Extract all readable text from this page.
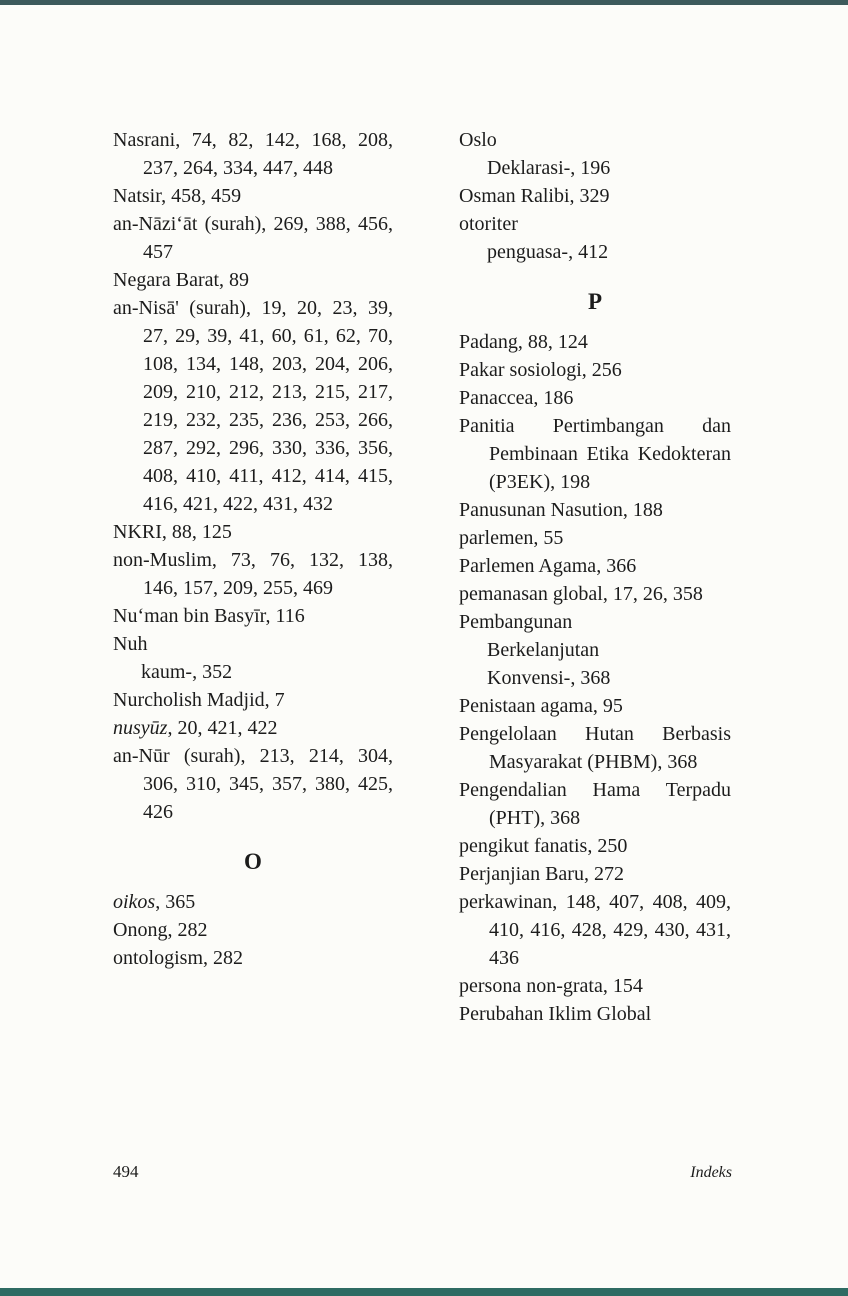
Nasrani, 74, 82, 142, 168, 208, 237, 264, 334, 447, 448
Natsir, 458, 459
an-Nāzi‘āt (surah), 269, 388, 456, 457
Negara Barat, 89
an-Nisā' (surah), 19, 20, 23, 39, 27, 29, 39, 41, 60, 61, 62, 70, 108, 134, 148, 203, 204, 206, 209, 210, 212, 213, 215, 217, 219, 232, 235, 236, 253, 266, 287, 292, 296, 330, 336, 356, 408, 410, 411, 412, 414, 415, 416, 421, 422, 431, 432
NKRI, 88, 125
non-Muslim, 73, 76, 132, 138, 146, 157, 209, 255, 469
Nu‘man bin Basyīr, 116
Nuh
kaum-, 352
Nurcholish Madjid, 7
nusyūz, 20, 421, 422
an-Nūr (surah), 213, 214, 304, 306, 310, 345, 357, 380, 425, 426
O
oikos, 365
Onong, 282
ontologism, 282
Oslo
Deklarasi-, 196
Osman Ralibi, 329
otoriter
penguasa-, 412
P
Padang, 88, 124
Pakar sosiologi, 256
Panaccea, 186
Panitia Pertimbangan dan Pembinaan Etika Kedokteran (P3EK), 198
Panusunan Nasution, 188
parlemen, 55
Parlemen Agama, 366
pemanasan global, 17, 26, 358
Pembangunan
Berkelanjutan
Konvensi-, 368
Penistaan agama, 95
Pengelolaan Hutan Berbasis Masyarakat (PHBM), 368
Pengendalian Hama Terpadu (PHT), 368
pengikut fanatis, 250
Perjanjian Baru, 272
perkawinan, 148, 407, 408, 409, 410, 416, 428, 429, 430, 431, 436
persona non-grata, 154
Perubahan Iklim Global
494	Indeks
